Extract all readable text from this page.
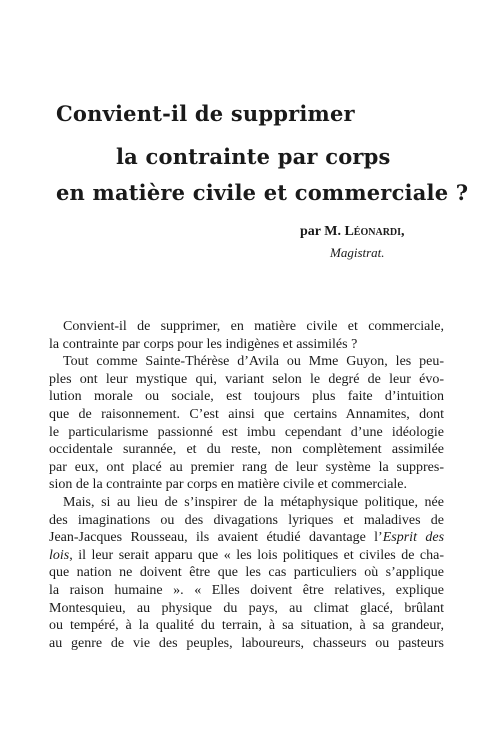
Convient-il de supprimer
la contrainte par corps
en matière civile et commerciale ?
par M. Léonardi,
Magistrat.
Convient-il de supprimer, en matière civile et commerciale,
la contrainte par corps pour les indigènes et assimilés ?
Tout comme Sainte-Thérèse d’Avila ou Mme Guyon, les peu-
ples ont leur mystique qui, variant selon le degré de leur évo-
lution morale ou sociale, est toujours plus faite d’intuition
que de raisonnement. C’est ainsi que certains Annamites, dont
le particularisme passionné est imbu cependant d’une idéologie
occidentale surannée, et du reste, non complètement assimilée
par eux, ont placé au premier rang de leur système la suppres-
sion de la contrainte par corps en matière civile et commerciale.
Mais, si au lieu de s’inspirer de la métaphysique politique, née
des imaginations ou des divagations lyriques et maladives de
Jean-Jacques Rousseau, ils avaient étudié davantage l’Esprit des
lois, il leur serait apparu que « les lois politiques et civiles de cha-
que nation ne doivent être que les cas particuliers où s’applique
la raison humaine ». « Elles doivent être relatives, explique
Montesquieu, au physique du pays, au climat glacé, brûlant
ou tempéré, à la qualité du terrain, à sa situation, à sa grandeur,
au genre de vie des peuples, laboureurs, chasseurs ou pasteurs
